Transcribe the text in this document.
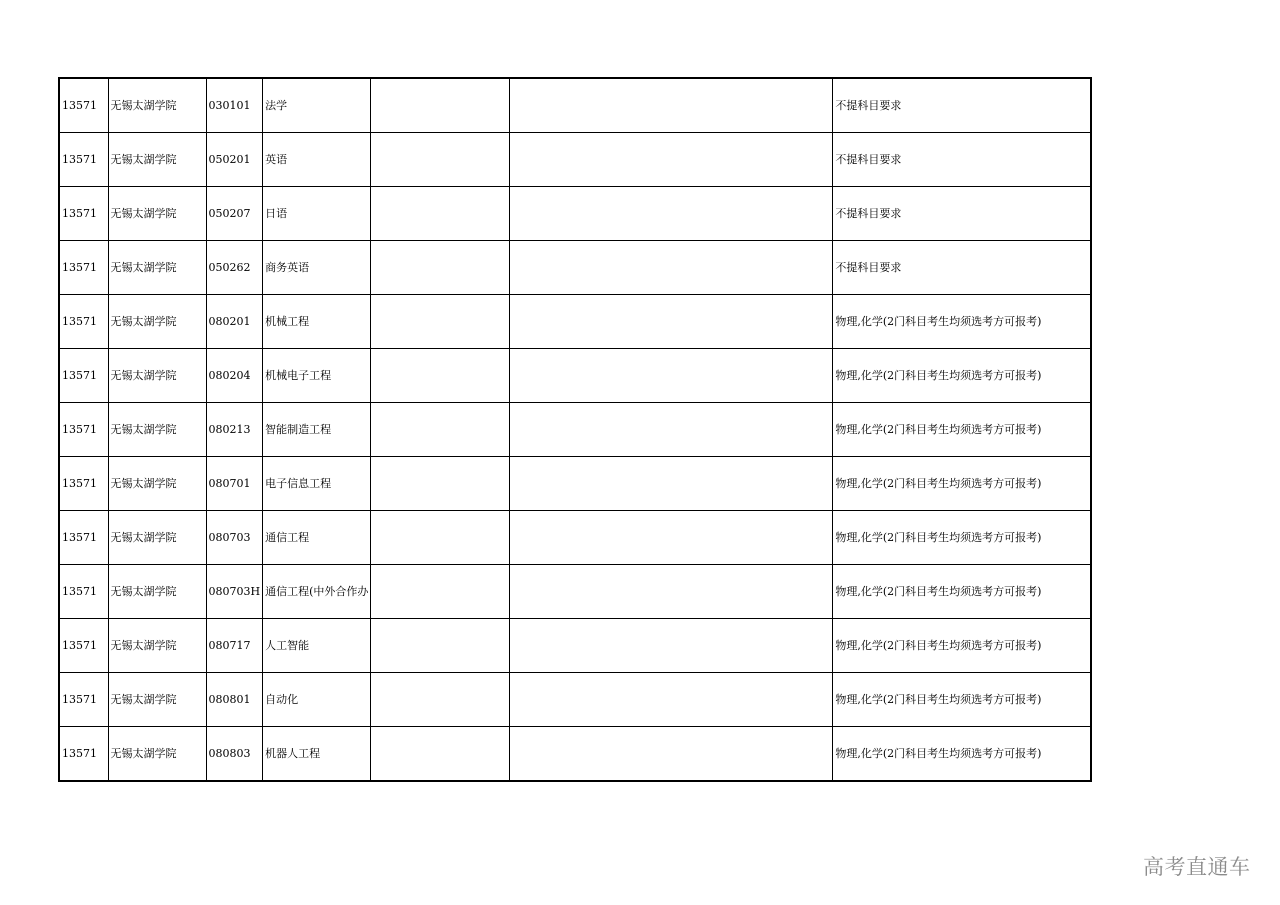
13571	无锡太湖学院	030101	法学			不提科目要求
13571	无锡太湖学院	050201	英语			不提科目要求
13571	无锡太湖学院	050207	日语			不提科目要求
13571	无锡太湖学院	050262	商务英语			不提科目要求
13571	无锡太湖学院	080201	机械工程			物理,化学(2门科目考生均须选考方可报考)
13571	无锡太湖学院	080204	机械电子工程			物理,化学(2门科目考生均须选考方可报考)
13571	无锡太湖学院	080213	智能制造工程			物理,化学(2门科目考生均须选考方可报考)
13571	无锡太湖学院	080701	电子信息工程			物理,化学(2门科目考生均须选考方可报考)
13571	无锡太湖学院	080703	通信工程			物理,化学(2门科目考生均须选考方可报考)
13571	无锡太湖学院	080703H	通信工程(中外合作办			物理,化学(2门科目考生均须选考方可报考)
13571	无锡太湖学院	080717	人工智能			物理,化学(2门科目考生均须选考方可报考)
13571	无锡太湖学院	080801	自动化			物理,化学(2门科目考生均须选考方可报考)
13571	无锡太湖学院	080803	机器人工程			物理,化学(2门科目考生均须选考方可报考)
高考直通车
